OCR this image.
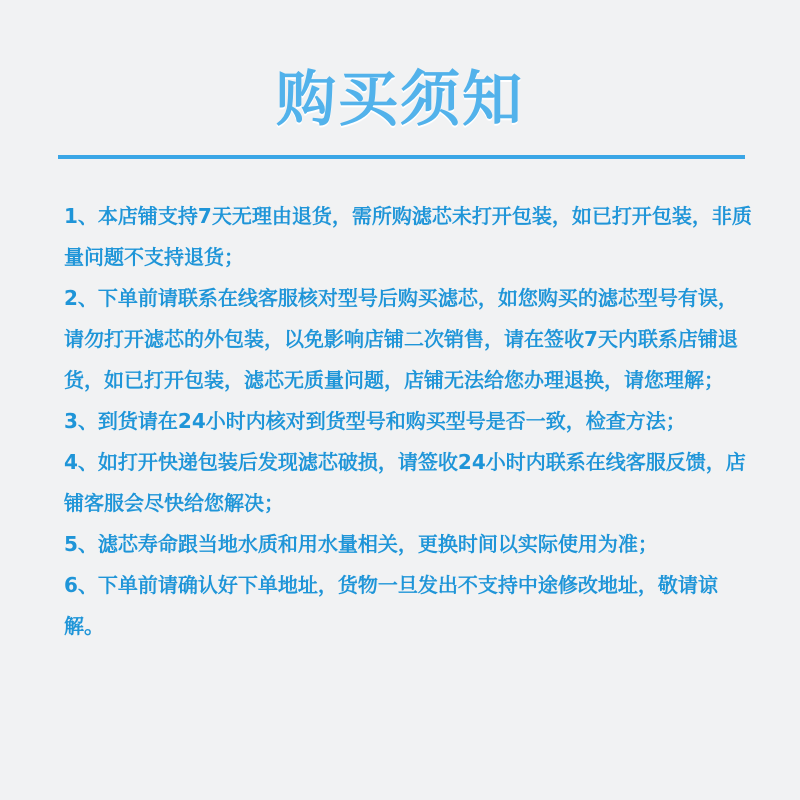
购买须知

1、本店铺支持7天无理由退货，需所购滤芯未打开包装，如已打开包装，非质量问题不支持退货；

2、下单前请联系在线客服核对型号后购买滤芯，如您购买的滤芯型号有误，请勿打开滤芯的外包装，以免影响店铺二次销售，请在签收7天内联系店铺退货，如已打开包装，滤芯无质量问题，店铺无法给您办理退换，请您理解；

3、到货请在24小时内核对到货型号和购买型号是否一致，检查方法；

4、如打开快递包装后发现滤芯破损，请签收24小时内联系在线客服反馈，店铺客服会尽快给您解决；

5、滤芯寿命跟当地水质和用水量相关，更换时间以实际使用为准；

6、下单前请确认好下单地址，货物一旦发出不支持中途修改地址，敬请谅解。
